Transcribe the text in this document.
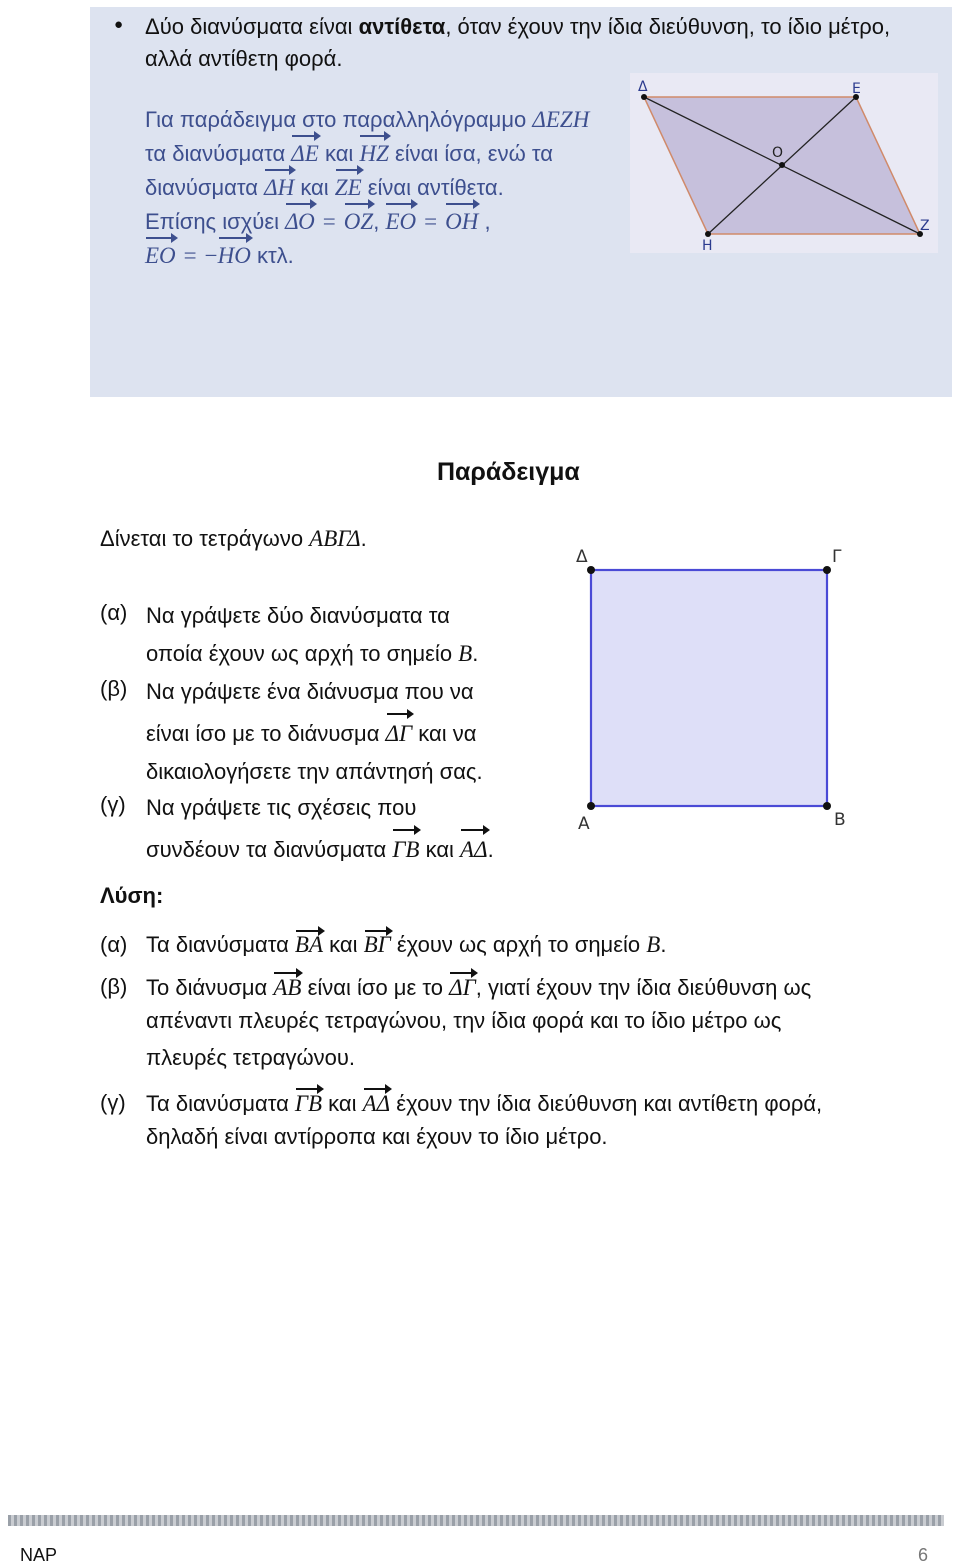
● Δύο διανύσματα είναι αντίθετα, όταν έχουν την ίδια διεύθυνση, το ίδιο μέτρο, αλλά αντίθετη φορά.
Για παράδειγμα στο παραλληλόγραμμο ΔΕΖΗ
τα διανύσματα ΔΕ και ΗΖ είναι ίσα, ενώ τα
διανύσματα ΔΗ και ΖΕ είναι αντίθετα.
Επίσης ισχύει ΔΟ = ΟΖ, ΕΟ = ΟΗ ,
ΕΟ = −ΗΟ κτλ.
Δ	Ε
Ο
Ζ
Η
Παράδειγμα
Δίνεται το τετράγωνο ΑΒΓΔ.
(α) Να γράψετε δύο διανύσματα τα
οποία έχουν ως αρχή το σημείο Β.
(β) Να γράψετε ένα διάνυσμα που να
είναι ίσο με το διάνυσμα ΔΓ και να
δικαιολογήσετε την απάντησή σας.
(γ) Να γράψετε τις σχέσεις που
συνδέουν τα διανύσματα ΓΒ και ΑΔ.
Δ	Γ
Α	Β
Λύση:
(α) Τα διανύσματα ΒΑ και ΒΓ έχουν ως αρχή το σημείο Β.
(β) Το διάνυσμα ΑΒ είναι ίσο με το ΔΓ, γιατί έχουν την ίδια διεύθυνση ως
απέναντι πλευρές τετραγώνου, την ίδια φορά και το ίδιο μέτρο ως
πλευρές τετραγώνου.
(γ) Τα διανύσματα ΓΒ και ΑΔ έχουν την ίδια διεύθυνση και αντίθετη φορά,
δηλαδή είναι αντίρροπα και έχουν το ίδιο μέτρο.
ΝΑΡ	6
